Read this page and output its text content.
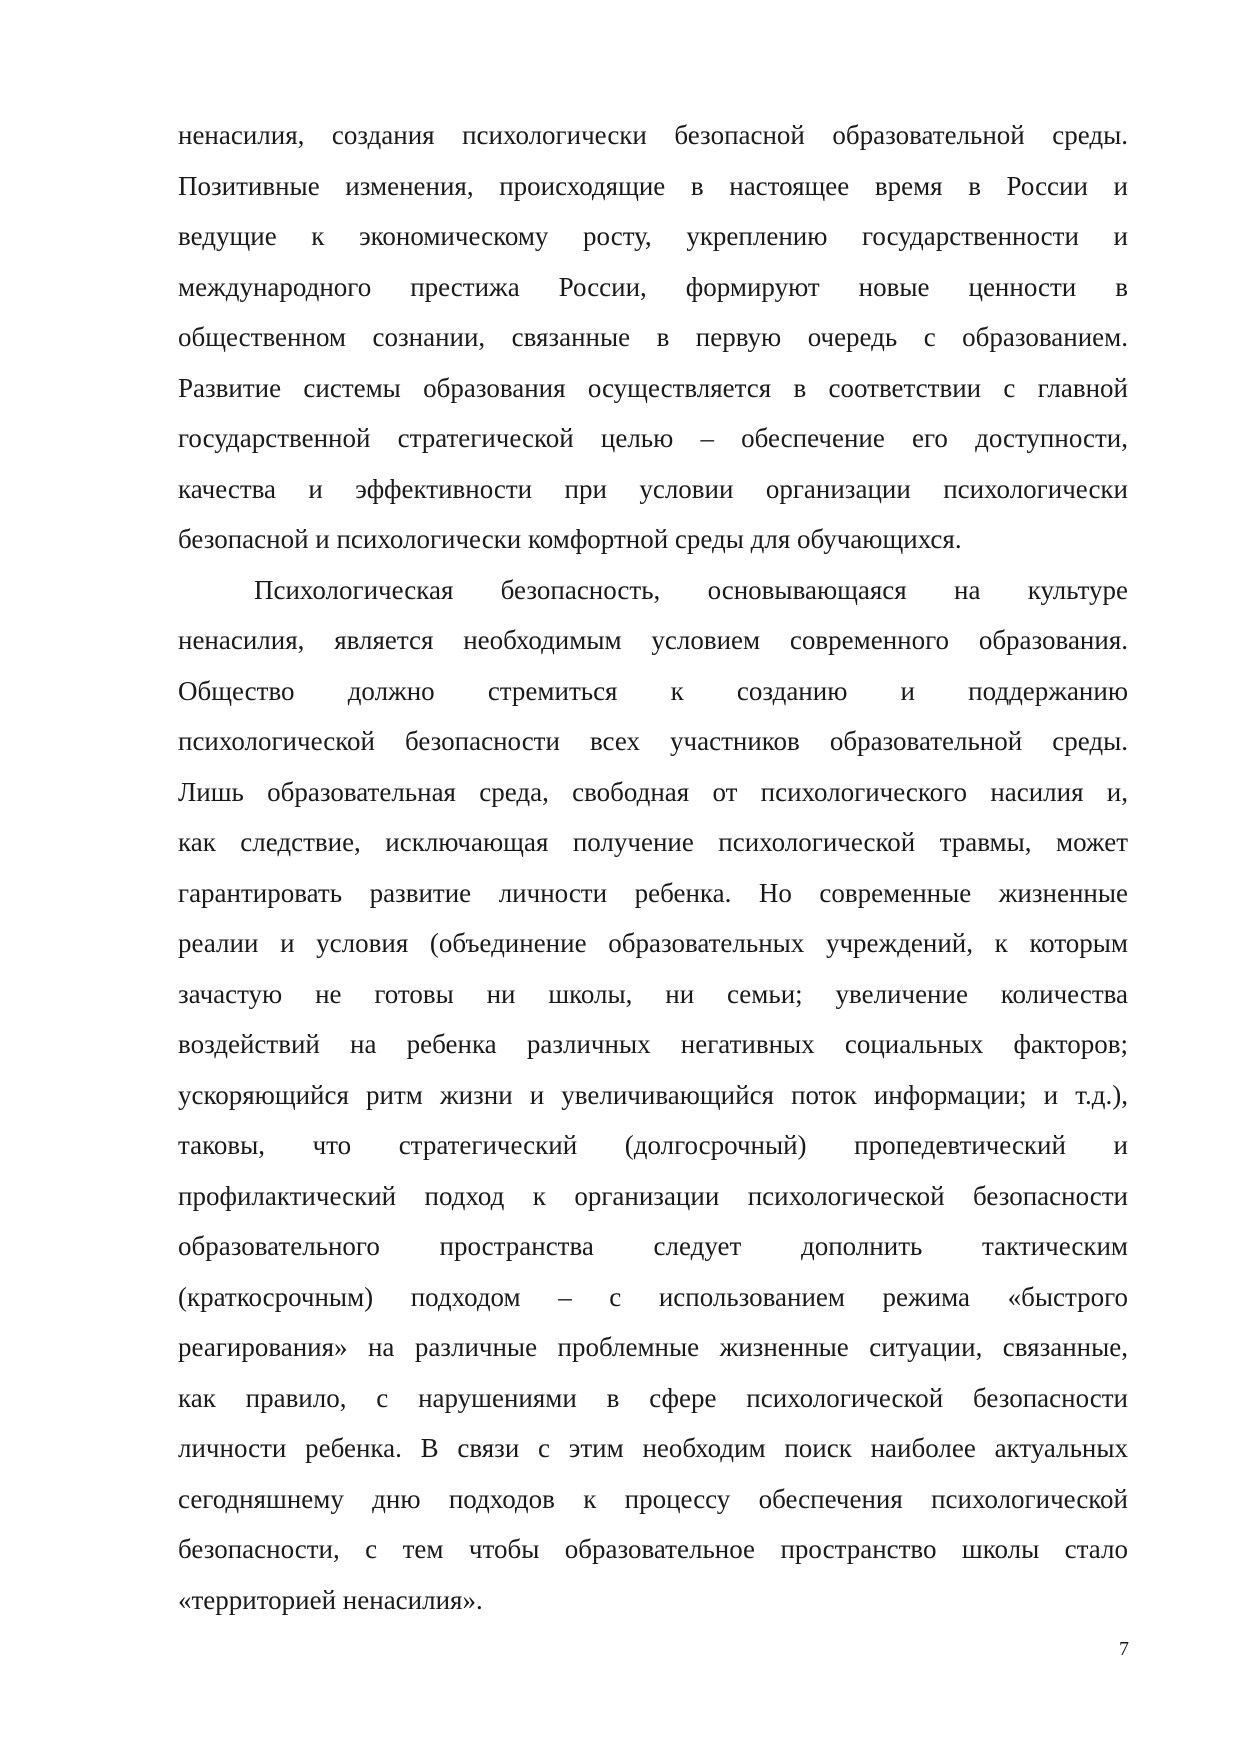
ненасилия, создания психологически безопасной образовательной среды.
Позитивные изменения, происходящие в настоящее время в России и
ведущие к экономическому росту, укреплению государственности и
международного престижа России, формируют новые ценности в
общественном сознании, связанные в первую очередь с образованием.
Развитие системы образования осуществляется в соответствии с главной
государственной стратегической целью – обеспечение его доступности,
качества и эффективности при условии организации психологически
безопасной и психологически комфортной среды для обучающихся.

Психологическая безопасность, основывающаяся на культуре
ненасилия, является необходимым условием современного образования.
Общество должно стремиться к созданию и поддержанию
психологической безопасности всех участников образовательной среды.
Лишь образовательная среда, свободная от психологического насилия и,
как следствие, исключающая получение психологической травмы, может
гарантировать развитие личности ребенка. Но современные жизненные
реалии и условия (объединение образовательных учреждений, к которым
зачастую не готовы ни школы, ни семьи; увеличение количества
воздействий на ребенка различных негативных социальных факторов;
ускоряющийся ритм жизни и увеличивающийся поток информации; и т.д.),
таковы, что стратегический (долгосрочный) пропедевтический и
профилактический подход к организации психологической безопасности
образовательного пространства следует дополнить тактическим
(краткосрочным) подходом – с использованием режима «быстрого
реагирования» на различные проблемные жизненные ситуации, связанные,
как правило, с нарушениями в сфере психологической безопасности
личности ребенка. В связи с этим необходим поиск наиболее актуальных
сегодняшнему дню подходов к процессу обеспечения психологической
безопасности, с тем чтобы образовательное пространство школы стало
«территорией ненасилия».

7
